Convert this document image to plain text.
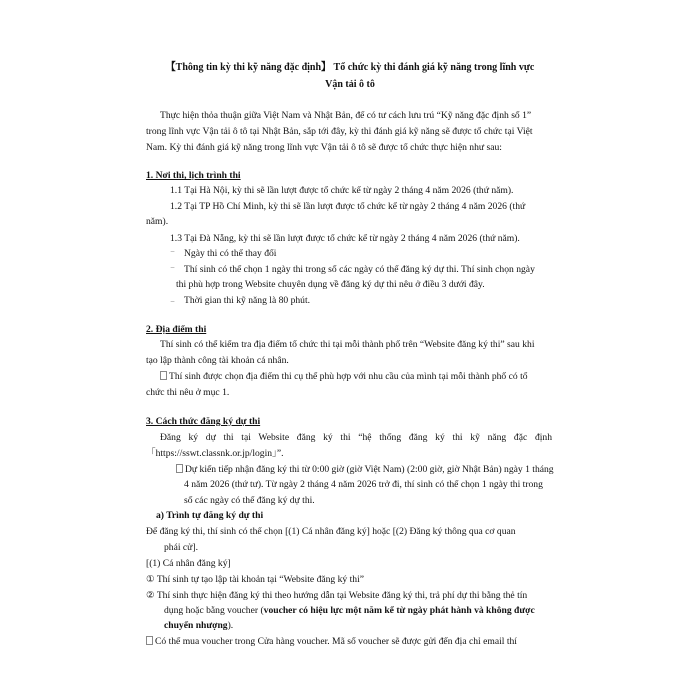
【Thông tin kỳ thi kỹ năng đặc định】 Tổ chức kỳ thi đánh giá kỹ năng trong lĩnh vực
Vận tải ô tô
Thực hiện thỏa thuận giữa Việt Nam và Nhật Bản, để có tư cách lưu trú “Kỹ năng đặc định số 1”
trong lĩnh vực Vận tải ô tô tại Nhật Bản, sắp tới đây, kỳ thi đánh giá kỹ năng sẽ được tổ chức tại Việt
Nam. Kỳ thi đánh giá kỹ năng trong lĩnh vực Vận tải ô tô sẽ được tổ chức thực hiện như sau:
1. Nơi thi, lịch trình thi
1.1 Tại Hà Nội, kỳ thi sẽ lần lượt được tổ chức kể từ ngày 2 tháng 4 năm 2026 (thứ năm).
1.2 Tại TP Hồ Chí Minh, kỳ thi sẽ lần lượt được tổ chức kể từ ngày 2 tháng 4 năm 2026 (thứ
năm).
1.3 Tại Đà Nẵng, kỳ thi sẽ lần lượt được tổ chức kể từ ngày 2 tháng 4 năm 2026 (thứ năm).
⁻ Ngày thi có thể thay đổi
⁻ Thí sinh có thể chọn 1 ngày thi trong số các ngày có thể đăng ký dự thi. Thí sinh chọn ngày
thi phù hợp trong Website chuyên dụng về đăng ký dự thi nêu ở điều 3 dưới đây.
₋ Thời gian thi kỹ năng là 80 phút.
2. Địa điểm thi
Thí sinh có thể kiểm tra địa điểm tổ chức thi tại mỗi thành phố trên “Website đăng ký thi” sau khi
tạo lập thành công tài khoản cá nhân.
Thí sinh được chọn địa điểm thi cụ thể phù hợp với nhu cầu của mình tại mỗi thành phố có tổ
chức thi nêu ở mục 1.
3. Cách thức đăng ký dự thi
Đăng ký dự thi tại Website đăng ký thi “hệ thống đăng ký thi kỹ năng đặc định
「https://sswt.classnk.or.jp/login」”.
Dự kiến tiếp nhận đăng ký thi từ 0:00 giờ (giờ Việt Nam) (2:00 giờ, giờ Nhật Bản) ngày 1 tháng
4 năm 2026 (thứ tư). Từ ngày 2 tháng 4 năm 2026 trở đi, thí sinh có thể chọn 1 ngày thi trong
số các ngày có thể đăng ký dự thi.
a) Trình tự đăng ký dự thi
Để đăng ký thi, thí sinh có thể chọn [(1) Cá nhân đăng ký] hoặc [(2) Đăng ký thông qua cơ quan
phái cử].
[(1) Cá nhân đăng ký]
① Thí sinh tự tạo lập tài khoản tại “Website đăng ký thi”
② Thí sinh thực hiện đăng ký thi theo hướng dẫn tại Website đăng ký thi, trả phí dự thi bằng thẻ tín
dụng hoặc bằng voucher (voucher có hiệu lực một năm kể từ ngày phát hành và không được
chuyển nhượng).
Có thể mua voucher trong Cửa hàng voucher. Mã số voucher sẽ được gửi đến địa chỉ email thí
